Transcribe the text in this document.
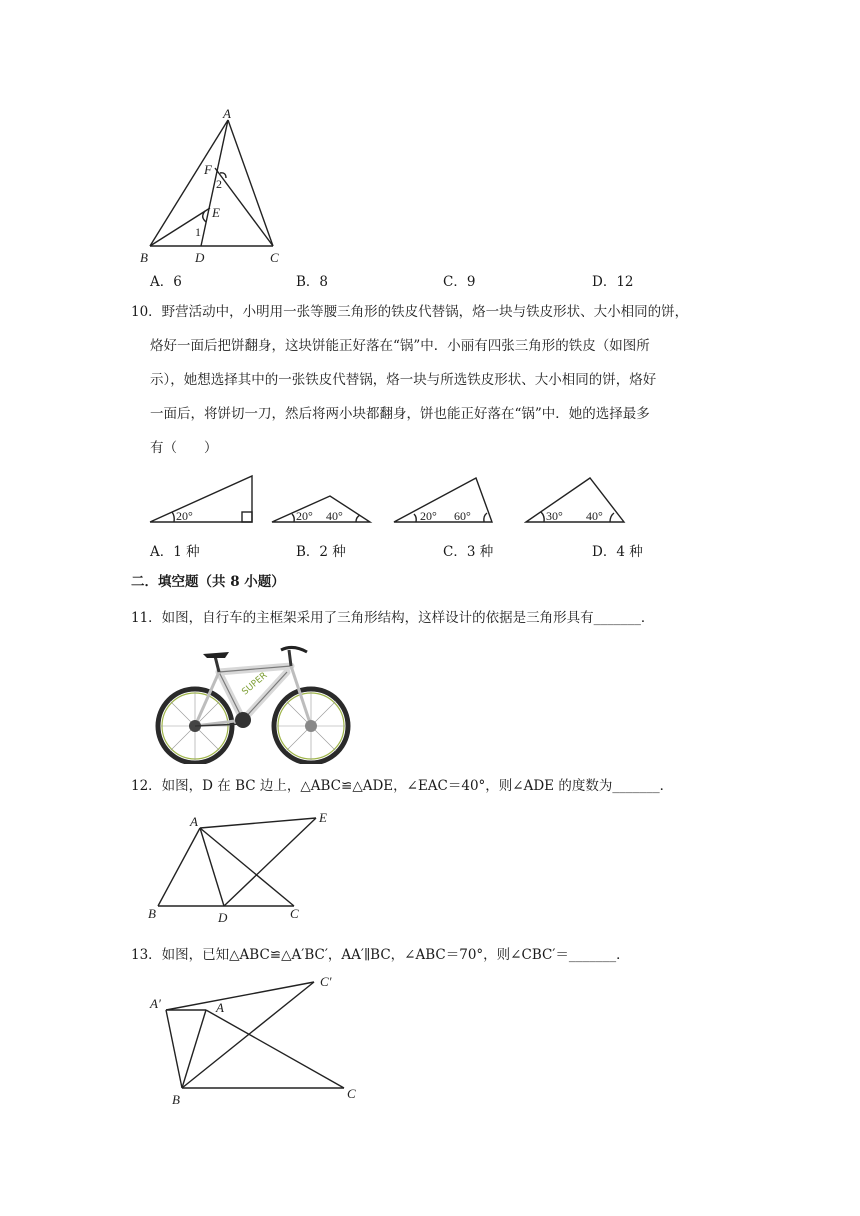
A
B	C
D
E
F
1
2
A．6	B．8	C．9	D．12
10．野营活动中，小明用一张等腰三角形的铁皮代替锅，烙一块与铁皮形状、大小相同的饼，
烙好一面后把饼翻身，这块饼能正好落在“锅”中．小丽有四张三角形的铁皮（如图所
示），她想选择其中的一张铁皮代替锅，烙一块与所选铁皮形状、大小相同的饼，烙好
一面后，将饼切一刀，然后将两小块都翻身，饼也能正好落在“锅”中．她的选择最多
有（　　）
20°	20° 40°	20° 60°	30° 40°
A．1 种	B．2 种	C．3 种	D．4 种
二．填空题（共 8 小题）
11．如图，自行车的主框架采用了三角形结构，这样设计的依据是三角形具有_______．
SUPER
12．如图，D 在 BC 边上，△ABC≌△ADE，∠EAC＝40°，则∠ADE 的度数为_______．
A
B	C
D
E
13．如图，已知△ABC≌△A′BC′，AA′∥BC，∠ABC＝70°，则∠CBC′＝_______．
A′	A
C′
B	C
